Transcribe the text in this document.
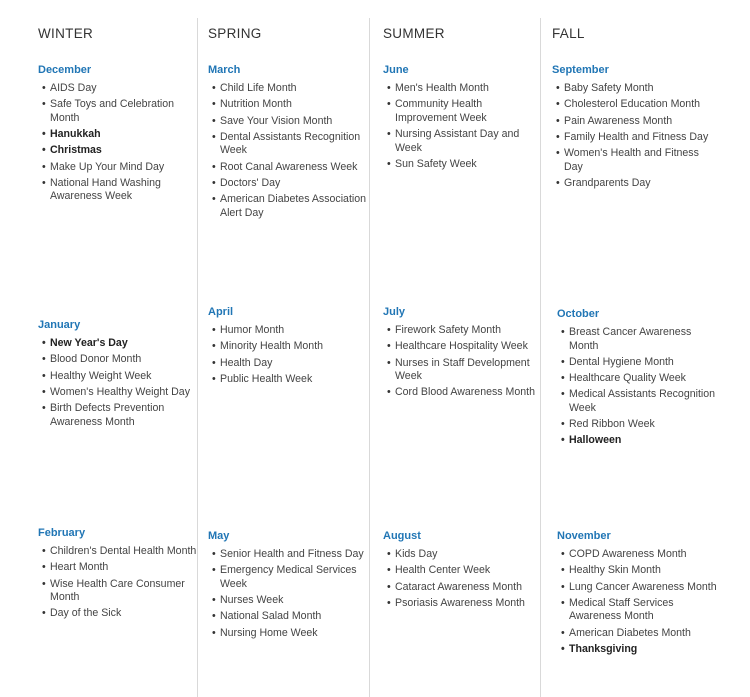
WINTER
December
• AIDS Day
• Safe Toys and Celebration Month
• Hanukkah
• Christmas
• Make Up Your Mind Day
• National Hand Washing Awareness Week
January
• New Year's Day
• Blood Donor Month
• Healthy Weight Week
• Women's Healthy Weight Day
• Birth Defects Prevention Awareness Month
February
• Children's Dental Health Month
• Heart Month
• Wise Health Care Consumer Month
• Day of the Sick
SPRING
March
• Child Life Month
• Nutrition Month
• Save Your Vision Month
• Dental Assistants Recognition Week
• Root Canal Awareness Week
• Doctors' Day
• American Diabetes Association Alert Day
April
• Humor Month
• Minority Health Month
• Health Day
• Public Health Week
May
• Senior Health and Fitness Day
• Emergency Medical Services Week
• Nurses Week
• National Salad Month
• Nursing Home Week
SUMMER
June
• Men's Health Month
• Community Health Improvement Week
• Nursing Assistant Day and Week
• Sun Safety Week
July
• Firework Safety Month
• Healthcare Hospitality Week
• Nurses in Staff Development Week
• Cord Blood Awareness Month
August
• Kids Day
• Health Center Week
• Cataract Awareness Month
• Psoriasis Awareness Month
FALL
September
• Baby Safety Month
• Cholesterol Education Month
• Pain Awareness Month
• Family Health and Fitness Day
• Women's Health and Fitness Day
• Grandparents Day
October
• Breast Cancer Awareness Month
• Dental Hygiene Month
• Healthcare Quality Week
• Medical Assistants Recognition Week
• Red Ribbon Week
• Halloween
November
• COPD Awareness Month
• Healthy Skin Month
• Lung Cancer Awareness Month
• Medical Staff Services Awareness Month
• American Diabetes Month
• Thanksgiving
